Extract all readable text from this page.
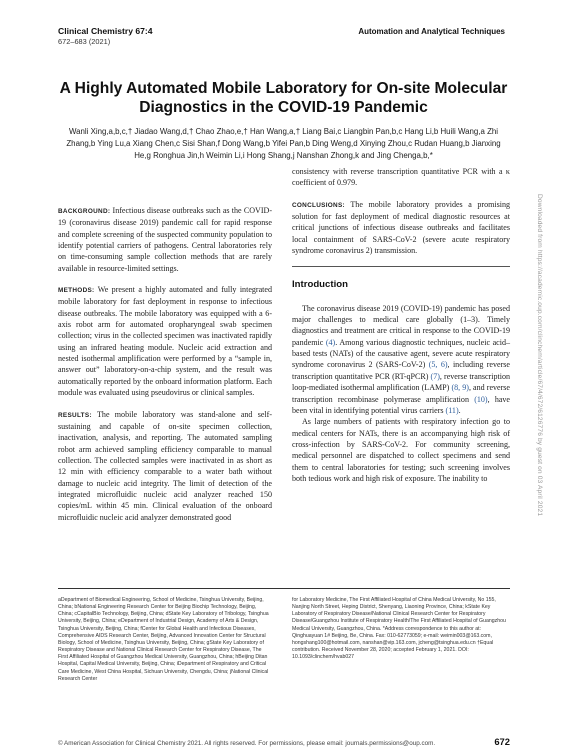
Clinical Chemistry 67:4
672–683 (2021)
Automation and Analytical Techniques
A Highly Automated Mobile Laboratory for On-site Molecular Diagnostics in the COVID-19 Pandemic
Wanli Xing,a,b,c,† Jiadao Wang,d,† Chao Zhao,e,† Han Wang,a,† Liang Bai,c Liangbin Pan,b,c Hang Li,b Huili Wang,a Zhi Zhang,b Ying Lu,a Xiang Chen,c Sisi Shan,f Dong Wang,b Yifei Pan,b Ding Weng,d Xinying Zhou,c Rudan Huang,b Jianxing He,g Ronghua Jin,h Weimin Li,i Hong Shang,j Nanshan Zhong,k and Jing Chenga,b,*

BACKGROUND: Infectious disease outbreaks such as the COVID-19 (coronavirus disease 2019) pandemic call for rapid response and complete screening of the suspected community population to identify potential carriers of pathogens. Central laboratories rely on time-consuming sample collection methods that are rarely available in resource-limited settings.

METHODS: We present a highly automated and fully integrated mobile laboratory for fast deployment in response to infectious disease outbreaks. The mobile laboratory was equipped with a 6-axis robot arm for automated oropharyngeal swab specimen collection; virus in the collected specimen was inactivated rapidly using an infrared heating module. Nucleic acid extraction and nested isothermal amplification were performed by a “sample in, answer out” laboratory-on-a-chip system, and the result was automatically reported by the onboard information platform. Each module was evaluated using pseudovirus or clinical samples.

RESULTS: The mobile laboratory was stand-alone and self-sustaining and capable of on-site specimen collection, inactivation, analysis, and reporting. The automated sampling robot arm achieved sampling efficiency comparable to manual collection. The collected samples were inactivated in as short as 12 min with efficiency comparable to a water bath without damage to nucleic acid integrity. The limit of detection of the integrated microfluidic nucleic acid analyzer reached 150 copies/mL within 45 min. Clinical evaluation of the onboard microfluidic nucleic acid analyzer demonstrated good

consistency with reverse transcription quantitative PCR with a κ coefficient of 0.979.

CONCLUSIONS: The mobile laboratory provides a promising solution for fast deployment of medical diagnostic resources at critical junctions of infectious disease outbreaks and facilitates local containment of SARS-CoV-2 (severe acute respiratory syndrome coronavirus 2) transmission.

Introduction

The coronavirus disease 2019 (COVID-19) pandemic has posed major challenges to medical care globally (1–3). Timely diagnostics and treatment are critical in response to the COVID-19 pandemic (4). Among various diagnostic techniques, nucleic acid–based tests (NATs) of the causative agent, severe acute respiratory syndrome coronavirus 2 (SARS-CoV-2) (5, 6), including reverse transcription quantitative PCR (RT-qPCR) (7), reverse transcription loop-mediated isothermal amplification (LAMP) (8, 9), and reverse transcription recombinase polymerase amplification (10), have been vital in identifying potential virus carriers (11).

As large numbers of patients with respiratory infection go to medical centers for NATs, there is an accompanying high risk of cross-infection by SARS-CoV-2. For community screening, medical personnel are dispatched to collect specimens and send them to central laboratories for testing; such screening involves both tedious work and high risk of exposure. The inability to

aDepartment of Biomedical Engineering, School of Medicine, Tsinghua University, Beijing, China; bNational Engineering Research Center for Beijing Biochip Technology, Beijing, China; cCapitalBio Technology, Beijing, China; dState Key Laboratory of Tribology, Tsinghua University, Beijing, China; eDepartment of Industrial Design, Academy of Arts & Design, Tsinghua University, Beijing, China; fCenter for Global Health and Infectious Diseases, Comprehensive AIDS Research Center, Beijing, Advanced Innovation Center for Structural Biology, School of Medicine, Tsinghua University, Beijing, China; gState Key Laboratory of Respiratory Disease and National Clinical Research Center for Respiratory Disease, The First Affiliated Hospital of Guangzhou Medical University, Guangzhou, China; hBeijing Ditan Hospital, Capital Medical University, Beijing, China; iDepartment of Respiratory and Critical Care Medicine, West China Hospital, Sichuan University, Chengdu, China; jNational Clinical Research Center
for Laboratory Medicine, The First Affiliated Hospital of China Medical University, No 155, Nanjing North Street, Heping District, Shenyang, Liaoning Province, China; kState Key Laboratory of Respiratory Disease/National Clinical Research Center for Respiratory Disease/Guangzhou Institute of Respiratory Health/The First Affiliated Hospital of Guangzhou Medical University, Guangzhou, China. *Address correspondence to this author at: Qinghuayuan 1# Beijing, Be, China. Fax: 010-62773059; e-mail: weimin003@163.com, hongshang100@hotmail.com, nanshan@vip.163.com, jcheng@tsinghua.edu.cn †Equal contribution. Received November 28, 2020; accepted February 1, 2021. DOI: 10.1093/clinchem/hvab027
© American Association for Clinical Chemistry 2021. All rights reserved. For permissions, please email: journals.permissions@oup.com.	672
Downloaded from https://academic.oup.com/clinchem/article/67/4/672/6126776 by guest on 03 April 2021
